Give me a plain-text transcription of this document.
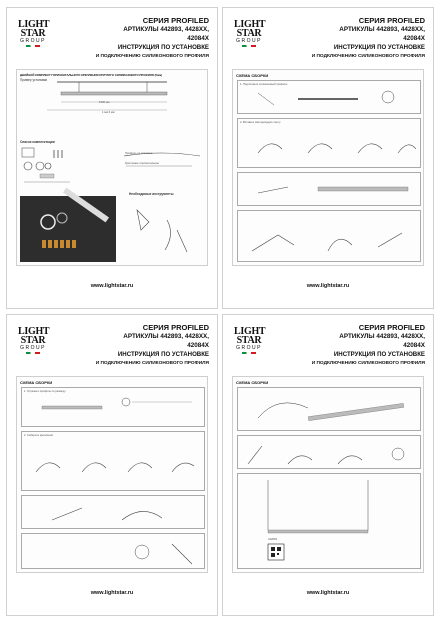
LIGHT
STAR
GROUP
СЕРИЯ PROFILED
АРТИКУЛЫ 442893, 4428XX,
42084X
ИНСТРУКЦИЯ ПО УСТАНОВКЕ
И ПОДКЛЮЧЕНИЮ СИЛИКОНОВОГО ПРОФИЛЯ
ДВОЙНОЙ КОМПЛЕКТ ГОРИЗОНТАЛЬНОГО КРЕПЛЕНИЯ КРУГЛОГО СИЛИКОНОВОГО ПРОФИЛЯ (5мм)
Пример установки
1500 мм
1 мм 6 мм
Список комплектации
Профиль из силикона
Крепление горизонтальное
Необходимые инструменты
www.lightstar.ru
LIGHT
STAR
GROUP
СЕРИЯ PROFILED
АРТИКУЛЫ 442893, 4428XX,
42084X
ИНСТРУКЦИЯ ПО УСТАНОВКЕ
И ПОДКЛЮЧЕНИЮ СИЛИКОНОВОГО ПРОФИЛЯ
СХЕМА СБОРКИ
1. Подготовьте силиконовый профиль
2. Вставьте светодиодную ленту
www.lightstar.ru
LIGHT
STAR
GROUP
СЕРИЯ PROFILED
АРТИКУЛЫ 442893, 4428XX,
42084X
ИНСТРУКЦИЯ ПО УСТАНОВКЕ
И ПОДКЛЮЧЕНИЮ СИЛИКОНОВОГО ПРОФИЛЯ
СХЕМА СБОРКИ
1. Отрежьте профиль по размеру
2. Соберите крепления
www.lightstar.ru
LIGHT
STAR
GROUP
СЕРИЯ PROFILED
АРТИКУЛЫ 442893, 4428XX,
42084X
ИНСТРУКЦИЯ ПО УСТАНОВКЕ
И ПОДКЛЮЧЕНИЮ СИЛИКОНОВОГО ПРОФИЛЯ
СХЕМА СБОРКИ
442893
www.lightstar.ru
